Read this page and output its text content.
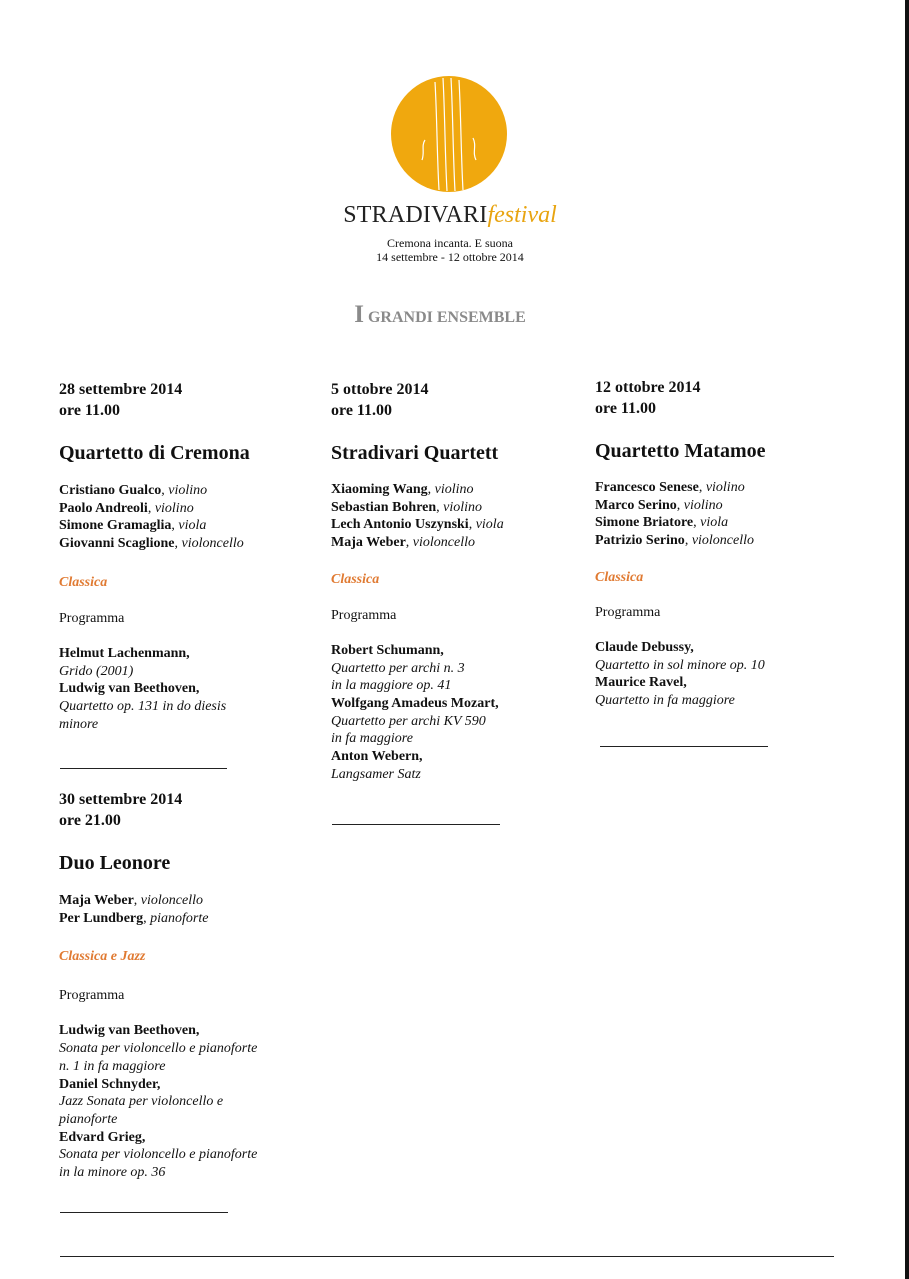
STRADIVARIfestival
Cremona incanta. E suona
14 settembre - 12 ottobre 2014
I GRANDI ENSEMBLE
28 settembre 2014
ore 11.00
Quartetto di Cremona
Cristiano Gualco, violino
Paolo Andreoli, violino
Simone Gramaglia, viola
Giovanni Scaglione, violoncello
Classica
Programma
Helmut Lachenmann,
Grido (2001)
Ludwig van Beethoven,
Quartetto op. 131 in do diesis
minore
30 settembre 2014
ore 21.00
Duo Leonore
Maja Weber, violoncello
Per Lundberg, pianoforte
Classica e Jazz
Programma
Ludwig van Beethoven,
Sonata per violoncello e pianoforte
n. 1 in fa maggiore
Daniel Schnyder,
Jazz Sonata per violoncello e
pianoforte
Edvard Grieg,
Sonata per violoncello e pianoforte
in la minore op. 36
5 ottobre 2014
ore 11.00
Stradivari Quartett
Xiaoming Wang, violino
Sebastian Bohren, violino
Lech Antonio Uszynski, viola
Maja Weber, violoncello
Classica
Programma
Robert Schumann,
Quartetto per archi n. 3
in la maggiore op. 41
Wolfgang Amadeus Mozart,
Quartetto per archi KV 590
in fa maggiore
Anton Webern,
Langsamer Satz
12 ottobre 2014
ore 11.00
Quartetto Matamoe
Francesco Senese, violino
Marco Serino, violino
Simone Briatore, viola
Patrizio Serino, violoncello
Classica
Programma
Claude Debussy,
Quartetto in sol minore op. 10
Maurice Ravel,
Quartetto in fa maggiore
